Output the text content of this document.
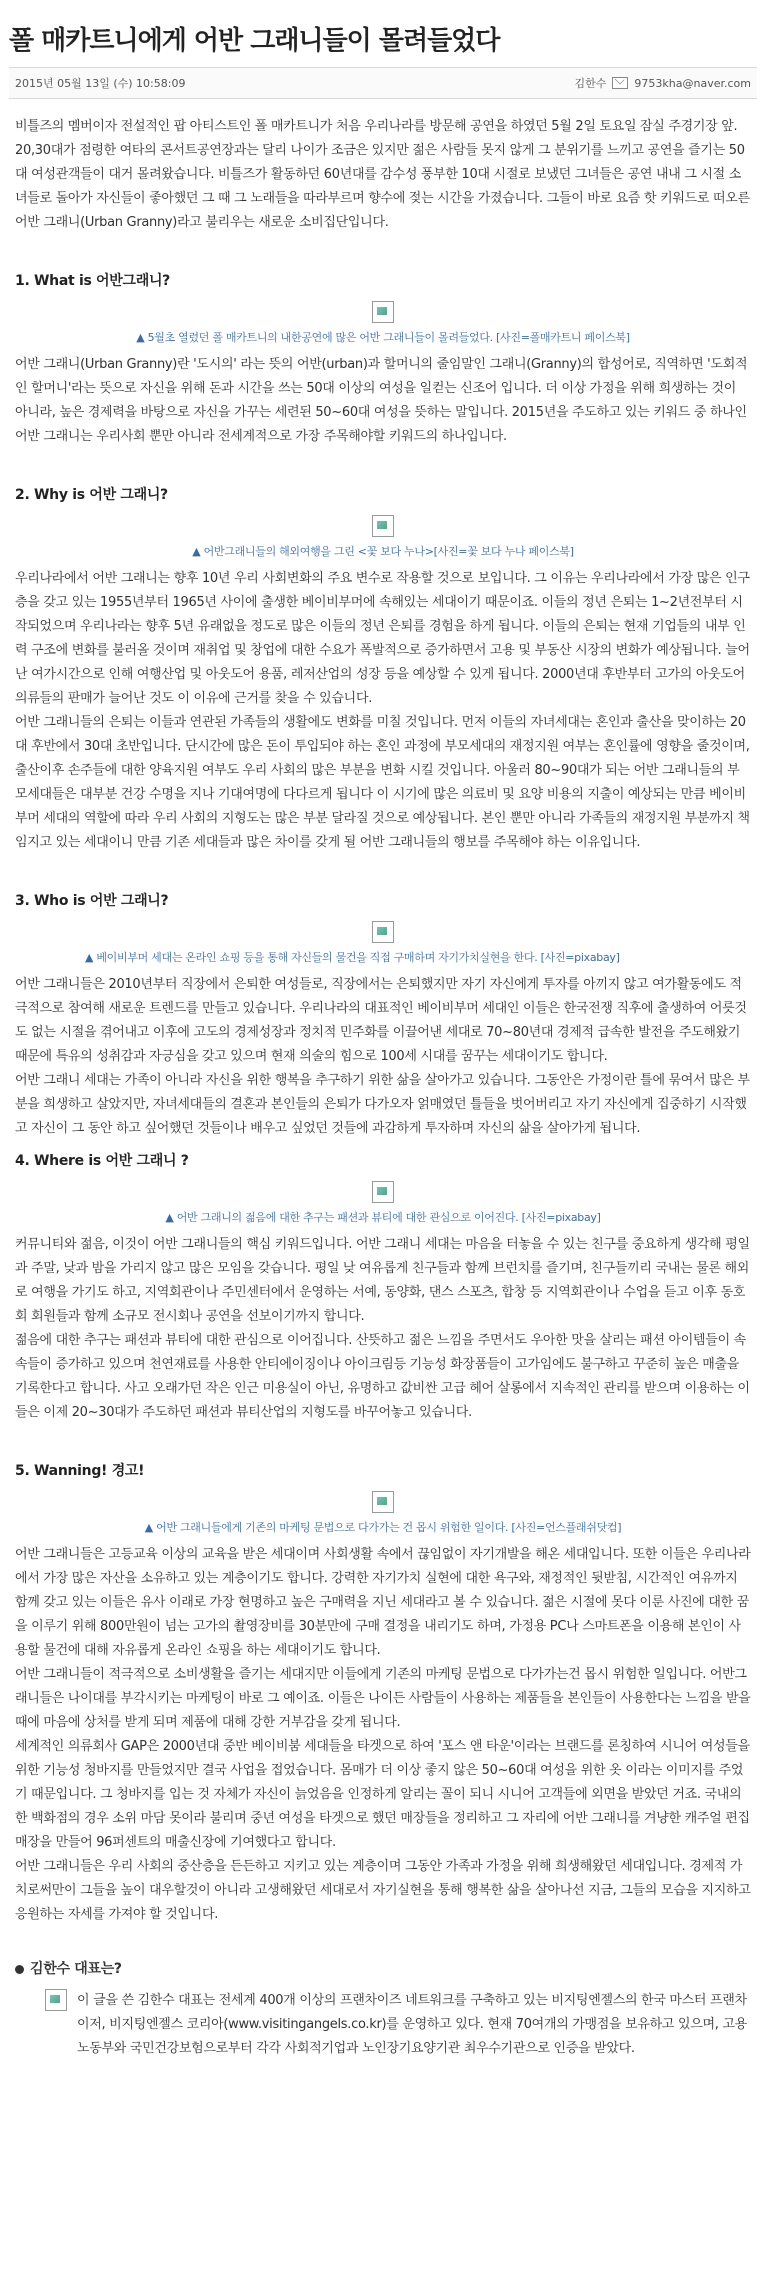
폴 매카트니에게 어반 그래니들이 몰려들었다
2015년 05월 13일 (수) 10:58:09	김한수	9753kha@naver.com

비틀즈의 멤버이자 전설적인 팝 아티스트인 폴 매카트니가 처음 우리나라를 방문해 공연을 하였던 5월 2일 토요일 잠실 주경기장 앞. 20,30대가 점령한 여타의 콘서트공연장과는 달리 나이가 조금은 있지만 젊은 사람들 못지 않게 그 분위기를 느끼고 공연을 즐기는 50대 여성관객들이 대거 몰려왔습니다. 비틀즈가 활동하던 60년대를 감수성 풍부한 10대 시절로 보냈던 그녀들은 공연 내내 그 시절 소녀들로 돌아가 자신들이 좋아했던 그 때 그 노래들을 따라부르며 향수에 젖는 시간을 가졌습니다. 그들이 바로 요즘 핫 키워드로 떠오른 어반 그래니(Urban Granny)라고 불리우는 새로운 소비집단입니다.

1. What is 어반그래니?
▲ 5월초 열렸던 폴 매카트니의 내한공연에 많은 어반 그래니들이 몰려들었다. [사진=폴매카트니 페이스북]

어반 그래니(Urban Granny)란 '도시의' 라는 뜻의 어반(urban)과 할머니의 줄임말인 그래니(Granny)의 합성어로, 직역하면 '도회적인 할머니'라는 뜻으로 자신을 위해 돈과 시간을 쓰는 50대 이상의 여성을 일컫는 신조어 입니다. 더 이상 가정을 위해 희생하는 것이 아니라, 높은 경제력을 바탕으로 자신을 가꾸는 세련된 50~60대 여성을 뜻하는 말입니다. 2015년을 주도하고 있는 키워드 중 하나인 어반 그래니는 우리사회 뿐만 아니라 전세계적으로 가장 주목해야할 키워드의 하나입니다.

2. Why is 어반 그래니?
▲ 어반그래니들의 해외여행을 그린 <꽃 보다 누나>[사진=꽃 보다 누나 페이스북]

우리나라에서 어반 그래니는 향후 10년 우리 사회변화의 주요 변수로 작용할 것으로 보입니다. 그 이유는 우리나라에서 가장 많은 인구층을 갖고 있는 1955년부터 1965년 사이에 출생한 베이비부머에 속해있는 세대이기 때문이죠. 이들의 정년 은퇴는 1~2년전부터 시작되었으며 우리나라는 향후 5년 유래없을 정도로 많은 이들의 정년 은퇴를 경험을 하게 됩니다. 이들의 은퇴는 현재 기업들의 내부 인력 구조에 변화를 불러올 것이며 재취업 및 창업에 대한 수요가 폭발적으로 증가하면서 고용 및 부동산 시장의 변화가 예상됩니다. 늘어난 여가시간으로 인해 여행산업 및 아웃도어 용품, 레저산업의 성장 등을 예상할 수 있게 됩니다. 2000년대 후반부터 고가의 아웃도어 의류들의 판매가 늘어난 것도 이 이유에 근거를 찾을 수 있습니다.

어반 그래니들의 은퇴는 이들과 연관된 가족들의 생활에도 변화를 미칠 것입니다. 먼저 이들의 자녀세대는 혼인과 출산을 맞이하는 20대 후반에서 30대 초반입니다. 단시간에 많은 돈이 투입되야 하는 혼인 과정에 부모세대의 재정지원 여부는 혼인률에 영향을 줄것이며, 출산이후 손주들에 대한 양육지원 여부도 우리 사회의 많은 부분을 변화 시킬 것입니다. 아울러 80~90대가 되는 어반 그래니들의 부모세대들은 대부분 건강 수명을 지나 기대여명에 다다르게 됩니다 이 시기에 많은 의료비 및 요양 비용의 지출이 예상되는 만큼 베이비 부머 세대의 역할에 따라 우리 사회의 지형도는 많은 부분 달라질 것으로 예상됩니다. 본인 뿐만 아니라 가족들의 재정지원 부분까지 책임지고 있는 세대이니 만큼 기존 세대들과 많은 차이를 갖게 될 어반 그래니들의 행보를 주목해야 하는 이유입니다.

3. Who is 어반 그래니?
▲ 베이비부머 세대는 온라인 쇼핑 등을 통해 자신들의 물건을 직접 구매하며 자기가치실현을 한다. [사진=pixabay]

어반 그래니들은 2010년부터 직장에서 은퇴한 여성들로, 직장에서는 은퇴했지만 자기 자신에게 투자를 아끼지 않고 여가활동에도 적극적으로 참여해 새로운 트렌드를 만들고 있습니다. 우리나라의 대표적인 베이비부머 세대인 이들은 한국전쟁 직후에 출생하여 어릇것도 없는 시절을 겪어내고 이후에 고도의 경제성장과 정치적 민주화를 이끌어낸 세대로 70~80년대 경제적 급속한 발전을 주도해왔기 때문에 특유의 성취감과 자긍심을 갖고 있으며 현재 의술의 힘으로 100세 시대를 꿈꾸는 세대이기도 합니다.

어반 그래니 세대는 가족이 아니라 자신을 위한 행복을 추구하기 위한 삶을 살아가고 있습니다. 그동안은 가정이란 틀에 묶여서 많은 부분을 희생하고 살았지만, 자녀세대들의 결혼과 본인들의 은퇴가 다가오자 얽매였던 틀들을 벗어버리고 자기 자신에게 집중하기 시작했고 자신이 그 동안 하고 싶어했던 것들이나 배우고 싶었던 것들에 과감하게 투자하며 자신의 삶을 살아가게 됩니다.

4. Where is 어반 그래니 ?
▲ 어반 그래니의 젊음에 대한 추구는 패션과 뷰티에 대한 관심으로 이어진다. [사진=pixabay]

커뮤니티와 젊음, 이것이 어반 그래니들의 핵심 키워드입니다. 어반 그래니 세대는 마음을 터놓을 수 있는 친구를 중요하게 생각해 평일과 주말, 낮과 밤을 가리지 않고 많은 모임을 갖습니다. 평일 낮 여유롭게 친구들과 함께 브런치를 즐기며, 친구들끼리 국내는 물론 해외로 여행을 가기도 하고, 지역회관이나 주민센터에서 운영하는 서예, 동양화, 댄스 스포츠, 합창 등 지역회관이나 수업을 듣고 이후 동호회 회원들과 함께 소규모 전시회나 공연을 선보이기까지 합니다.

젊음에 대한 추구는 패션과 뷰티에 대한 관심으로 이어집니다. 산뜻하고 젊은 느낌을 주면서도 우아한 맛을 살리는 패션 아이템들이 속속들이 증가하고 있으며 천연재료를 사용한 안티에이징이나 아이크림등 기능성 화장품들이 고가임에도 불구하고 꾸준히 높은 매출을 기록한다고 합니다. 사고 오래가던 작은 인근 미용실이 아닌, 유명하고 값비싼 고급 헤어 살롱에서 지속적인 관리를 받으며 이용하는 이들은 이제 20~30대가 주도하던 패션과 뷰티산업의 지형도를 바꾸어놓고 있습니다.

5. Wanning! 경고!
▲ 어반 그래니들에게 기존의 마케팅 문법으로 다가가는 건 몹시 위험한 일이다. [사진=언스플래쉬닷컴]

어반 그래니들은 고등교육 이상의 교육을 받은 세대이며 사회생활 속에서 끊임없이 자기개발을 해온 세대입니다. 또한 이들은 우리나라에서 가장 많은 자산을 소유하고 있는 계층이기도 합니다. 강력한 자기가치 실현에 대한 욕구와, 재정적인 뒷받침, 시간적인 여유까지 함께 갖고 있는 이들은 유사 이래로 가장 현명하고 높은 구매력을 지닌 세대라고 볼 수 있습니다. 젊은 시절에 못다 이룬 사진에 대한 꿈을 이루기 위해 800만원이 넘는 고가의 촬영장비를 30분만에 구매 결정을 내리기도 하며, 가정용 PC나 스마트폰을 이용해 본인이 사용할 물건에 대해 자유롭게 온라인 쇼핑을 하는 세대이기도 합니다.

어반 그래니들이 적극적으로 소비생활을 즐기는 세대지만 이들에게 기존의 마케팅 문법으로 다가가는건 몹시 위험한 일입니다. 어반그래니들은 나이대를 부각시키는 마케팅이 바로 그 예이죠. 이들은 나이든 사람들이 사용하는 제품들을 본인들이 사용한다는 느낌을 받을때에 마음에 상처를 받게 되며 제품에 대해 강한 거부감을 갖게 됩니다.

세계적인 의류회사 GAP은 2000년대 중반 베이비붐 세대들을 타겟으로 하여 '포스 앤 타운'이라는 브랜드를 론칭하여 시니어 여성들을 위한 기능성 청바지를 만들었지만 결국 사업을 접었습니다. 몸매가 더 이상 좋지 않은 50~60대 여성을 위한 옷 이라는 이미지를 주었기 때문입니다. 그 청바지를 입는 것 자체가 자신이 늙었음을 인정하게 알리는 꼴이 되니 시니어 고객들에 외면을 받았던 거죠. 국내의 한 백화점의 경우 소위 마담 못이라 불리며 중년 여성을 타겟으로 했던 매장들을 정리하고 그 자리에 어반 그래니를 겨냥한 캐주얼 편집 매장을 만들어 96퍼센트의 매출신장에 기여했다고 합니다.

어반 그래니들은 우리 사회의 중산층을 든든하고 지키고 있는 계층이며 그동안 가족과 가정을 위해 희생해왔던 세대입니다. 경제적 가치로써만이 그들을 높이 대우할것이 아니라 고생해왔던 세대로서 자기실현을 통해 행복한 삶을 살아나선 지금, 그들의 모습을 지지하고 응원하는 자세를 가져야 할 것입니다.

김한수 대표는?

이 글을 쓴 김한수 대표는 전세계 400개 이상의 프랜차이즈 네트워크를 구축하고 있는 비지팅엔젤스의 한국 마스터 프랜차이저, 비지팅엔젤스 코리아(www.visitingangels.co.kr)를 운영하고 있다. 현재 70여개의 가맹점을 보유하고 있으며, 고용노동부와 국민건강보험으로부터 각각 사회적기업과 노인장기요양기관 최우수기관으로 인증을 받았다.
